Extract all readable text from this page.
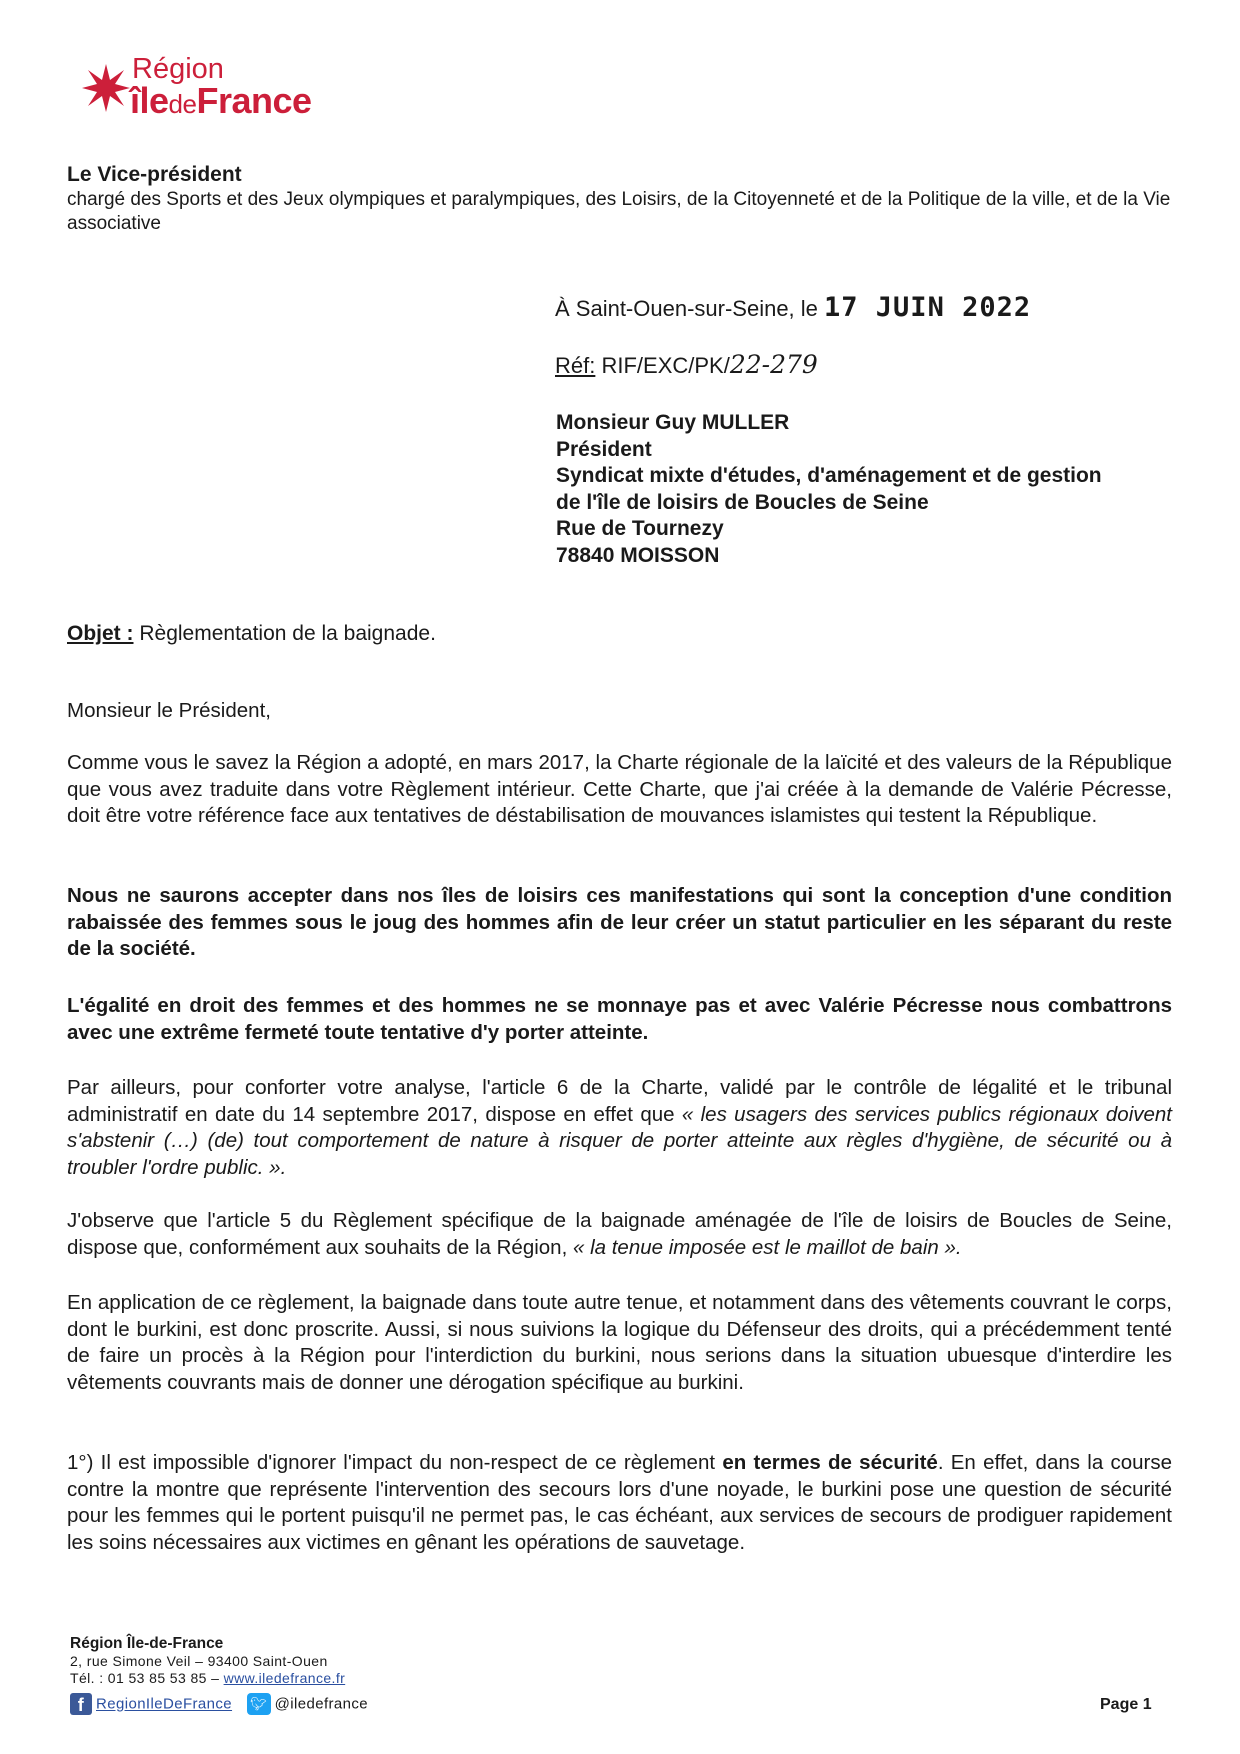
Région
îledeFrance
Le Vice-président
chargé des Sports et des Jeux olympiques et paralympiques, des Loisirs, de la Citoyenneté et de la Politique de la ville, et de la Vie associative
À Saint-Ouen-sur-Seine, le 17 JUIN 2022
Réf: RIF/EXC/PK/22-279
Monsieur Guy MULLER
Président
Syndicat mixte d'études, d'aménagement et de gestion
de l'île de loisirs de Boucles de Seine
Rue de Tournezy
78840 MOISSON
Objet : Règlementation de la baignade.
Monsieur le Président,
Comme vous le savez la Région a adopté, en mars 2017, la Charte régionale de la laïcité et des valeurs de la République que vous avez traduite dans votre Règlement intérieur. Cette Charte, que j'ai créée à la demande de Valérie Pécresse, doit être votre référence face aux tentatives de déstabilisation de mouvances islamistes qui testent la République.
Nous ne saurons accepter dans nos îles de loisirs ces manifestations qui sont la conception d'une condition rabaissée des femmes sous le joug des hommes afin de leur créer un statut particulier en les séparant du reste de la société.
L'égalité en droit des femmes et des hommes ne se monnaye pas et avec Valérie Pécresse nous combattrons avec une extrême fermeté toute tentative d'y porter atteinte.
Par ailleurs, pour conforter votre analyse, l'article 6 de la Charte, validé par le contrôle de légalité et le tribunal administratif en date du 14 septembre 2017, dispose en effet que « les usagers des services publics régionaux doivent s'abstenir (…) (de) tout comportement de nature à risquer de porter atteinte aux règles d'hygiène, de sécurité ou à troubler l'ordre public. ».
J'observe que l'article 5 du Règlement spécifique de la baignade aménagée de l'île de loisirs de Boucles de Seine, dispose que, conformément aux souhaits de la Région, « la tenue imposée est le maillot de bain ».
En application de ce règlement, la baignade dans toute autre tenue, et notamment dans des vêtements couvrant le corps, dont le burkini, est donc proscrite. Aussi, si nous suivions la logique du Défenseur des droits, qui a précédemment tenté de faire un procès à la Région pour l'interdiction du burkini, nous serions dans la situation ubuesque d'interdire les vêtements couvrants mais de donner une dérogation spécifique au burkini.
1°) Il est impossible d'ignorer l'impact du non-respect de ce règlement en termes de sécurité. En effet, dans la course contre la montre que représente l'intervention des secours lors d'une noyade, le burkini pose une question de sécurité pour les femmes qui le portent puisqu'il ne permet pas, le cas échéant, aux services de secours de prodiguer rapidement les soins nécessaires aux victimes en gênant les opérations de sauvetage.
Région Île-de-France
2, rue Simone Veil – 93400 Saint-Ouen
Tél. : 01 53 85 53 85 – www.iledefrance.fr
f RegionIleDeFrance 🐦︎ @iledefrance	Page 1
